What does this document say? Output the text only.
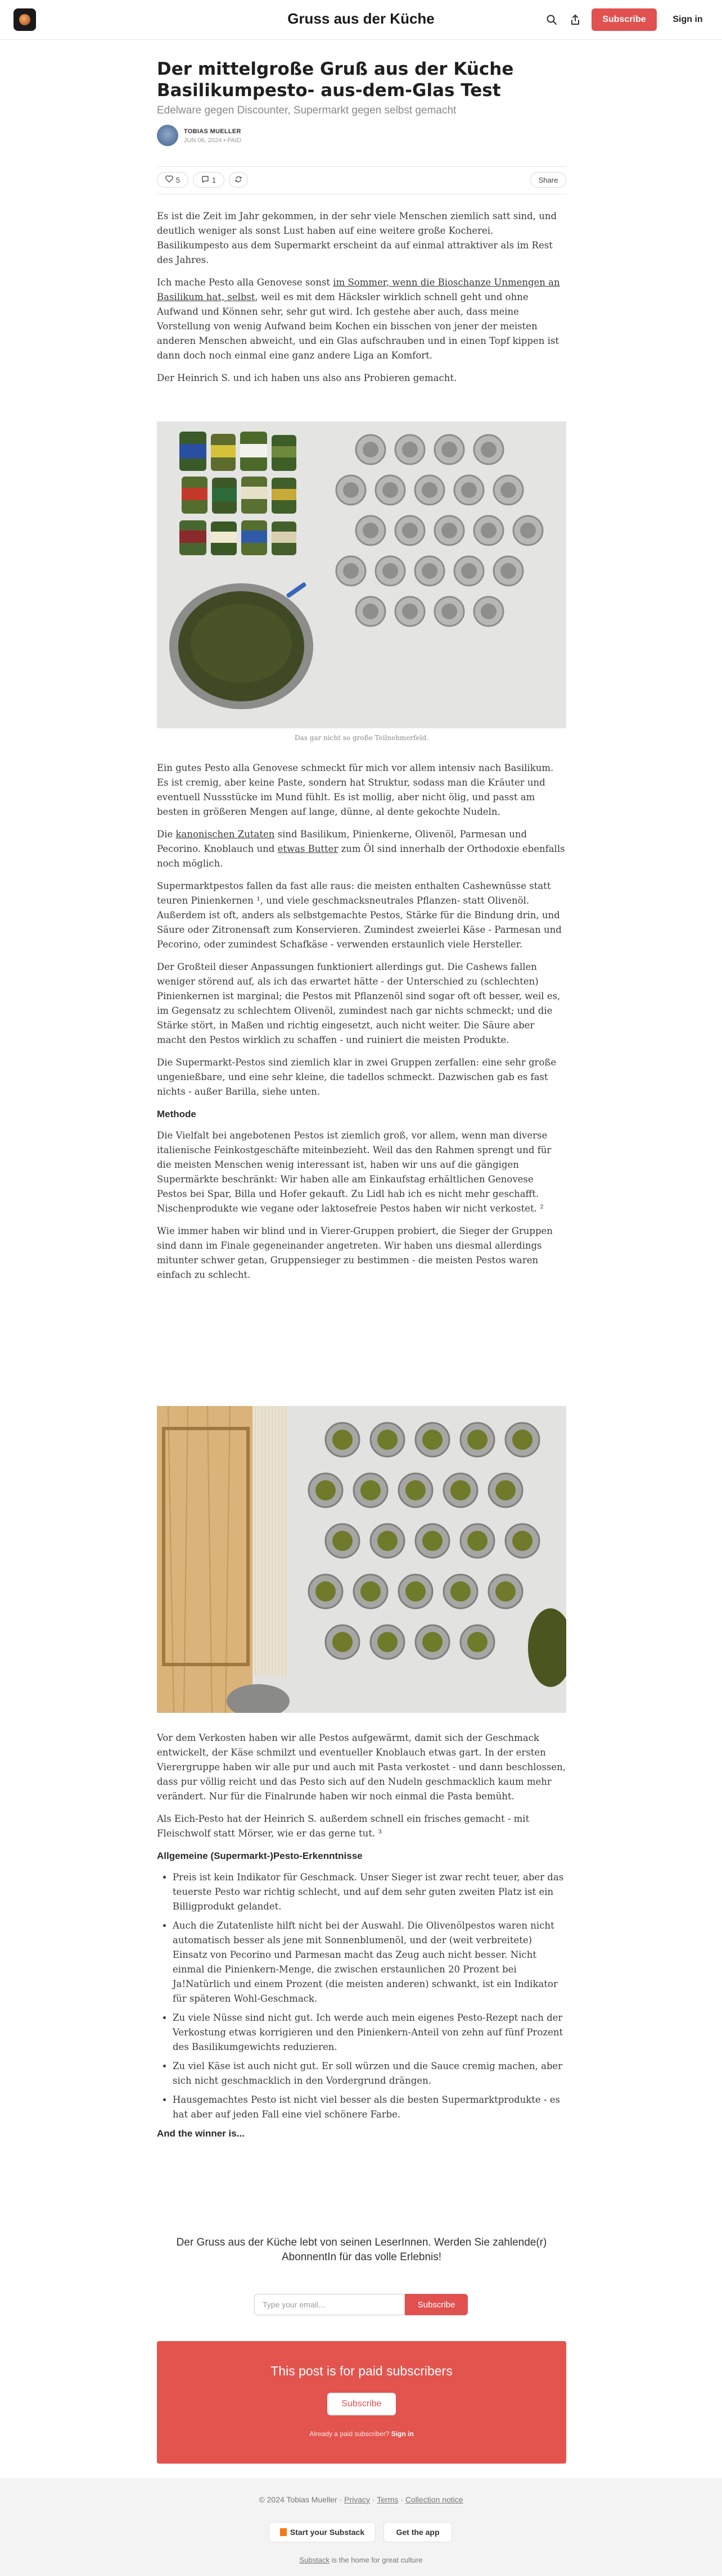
Gruss aus der Küche	Subscribe	Sign in
Der mittelgroße Gruß aus der Küche Basilikumpesto- aus-dem-Glas Test
Edelware gegen Discounter, Supermarkt gegen selbst gemacht
TOBIAS MUELLER
JUN 06, 2024 • PAID
5	1	Share

Es ist die Zeit im Jahr gekommen, in der sehr viele Menschen ziemlich satt sind, und deutlich weniger als sonst Lust haben auf eine weitere große Kocherei. Basilikumpesto aus dem Supermarkt erscheint da auf einmal attraktiver als im Rest des Jahres.

Ich mache Pesto alla Genovese sonst im Sommer, wenn die Bioschanze Unmengen an Basilikum hat, selbst, weil es mit dem Häcksler wirklich schnell geht und ohne Aufwand und Können sehr, sehr gut wird. Ich gestehe aber auch, dass meine Vorstellung von wenig Aufwand beim Kochen ein bisschen von jener der meisten anderen Menschen abweicht, und ein Glas aufschrauben und in einen Topf kippen ist dann doch noch einmal eine ganz andere Liga an Komfort.

Der Heinrich S. und ich haben uns also ans Probieren gemacht.

Das gar nicht so große Teilnehmerfeld.

Ein gutes Pesto alla Genovese schmeckt für mich vor allem intensiv nach Basilikum. Es ist cremig, aber keine Paste, sondern hat Struktur, sodass man die Kräuter und eventuell Nussstücke im Mund fühlt. Es ist mollig, aber nicht ölig, und passt am besten in größeren Mengen auf lange, dünne, al dente gekochte Nudeln.

Die kanonischen Zutaten sind Basilikum, Pinienkerne, Olivenöl, Parmesan und Pecorino. Knoblauch und etwas Butter zum Öl sind innerhalb der Orthodoxie ebenfalls noch möglich.

Supermarktpestos fallen da fast alle raus: die meisten enthalten Cashewnüsse statt teuren Pinienkernen ¹, und viele geschmacksneutrales Pflanzen- statt Olivenöl. Außerdem ist oft, anders als selbstgemachte Pestos, Stärke für die Bindung drin, und Säure oder Zitronensaft zum Konservieren. Zumindest zweierlei Käse - Parmesan und Pecorino, oder zumindest Schafkäse - verwenden erstaunlich viele Hersteller.

Der Großteil dieser Anpassungen funktioniert allerdings gut. Die Cashews fallen weniger störend auf, als ich das erwartet hätte - der Unterschied zu (schlechten) Pinienkernen ist marginal; die Pestos mit Pflanzenöl sind sogar oft oft besser, weil es, im Gegensatz zu schlechtem Olivenöl, zumindest nach gar nichts schmeckt; und die Stärke stört, in Maßen und richtig eingesetzt, auch nicht weiter. Die Säure aber macht den Pestos wirklich zu schaffen - und ruiniert die meisten Produkte.

Die Supermarkt-Pestos sind ziemlich klar in zwei Gruppen zerfallen: eine sehr große ungenießbare, und eine sehr kleine, die tadellos schmeckt. Dazwischen gab es fast nichts - außer Barilla, siehe unten.

Methode

Die Vielfalt bei angebotenen Pestos ist ziemlich groß, vor allem, wenn man diverse italienische Feinkostgeschäfte miteinbezieht. Weil das den Rahmen sprengt und für die meisten Menschen wenig interessant ist, haben wir uns auf die gängigen Supermärkte beschränkt: Wir haben alle am Einkaufstag erhältlichen Genovese Pestos bei Spar, Billa und Hofer gekauft. Zu Lidl hab ich es nicht mehr geschafft. Nischenprodukte wie vegane oder laktosefreie Pestos haben wir nicht verkostet. ²

Wie immer haben wir blind und in Vierer-Gruppen probiert, die Sieger der Gruppen sind dann im Finale gegeneinander angetreten. Wir haben uns diesmal allerdings mitunter schwer getan, Gruppensieger zu bestimmen - die meisten Pestos waren einfach zu schlecht.

Vor dem Verkosten haben wir alle Pestos aufgewärmt, damit sich der Geschmack entwickelt, der Käse schmilzt und eventueller Knoblauch etwas gart. In der ersten Vierergruppe haben wir alle pur und auch mit Pasta verkostet - und dann beschlossen, dass pur völlig reicht und das Pesto sich auf den Nudeln geschmacklich kaum mehr verändert. Nur für die Finalrunde haben wir noch einmal die Pasta bemüht.

Als Eich-Pesto hat der Heinrich S. außerdem schnell ein frisches gemacht - mit Fleischwolf statt Mörser, wie er das gerne tut. ³

Allgemeine (Supermarkt-)Pesto-Erkenntnisse
• Preis ist kein Indikator für Geschmack. Unser Sieger ist zwar recht teuer, aber das teuerste Pesto war richtig schlecht, und auf dem sehr guten zweiten Platz ist ein Billigprodukt gelandet.
• Auch die Zutatenliste hilft nicht bei der Auswahl. Die Olivenölpestos waren nicht automatisch besser als jene mit Sonnenblumenöl, und der (weit verbreitete) Einsatz von Pecorino und Parmesan macht das Zeug auch nicht besser. Nicht einmal die Pinienkern-Menge, die zwischen erstaunlichen 20 Prozent bei Ja!Natürlich und einem Prozent (die meisten anderen) schwankt, ist ein Indikator für späteren Wohl-Geschmack.
• Zu viele Nüsse sind nicht gut. Ich werde auch mein eigenes Pesto-Rezept nach der Verkostung etwas korrigieren und den Pinienkern-Anteil von zehn auf fünf Prozent des Basilikumgewichts reduzieren.
• Zu viel Käse ist auch nicht gut. Er soll würzen und die Sauce cremig machen, aber sich nicht geschmacklich in den Vordergrund drängen.
• Hausgemachtes Pesto ist nicht viel besser als die besten Supermarktprodukte - es hat aber auf jeden Fall eine viel schönere Farbe.
And the winner is...
Der Gruss aus der Küche lebt von seinen LeserInnen. Werden Sie zahlende(r) AbonnentIn für das volle Erlebnis!
Type your email...	Subscribe
This post is for paid subscribers
Subscribe
Already a paid subscriber? Sign in
© 2024 Tobias Mueller · Privacy · Terms · Collection notice
Start your Substack	Get the app
Substack is the home for great culture
